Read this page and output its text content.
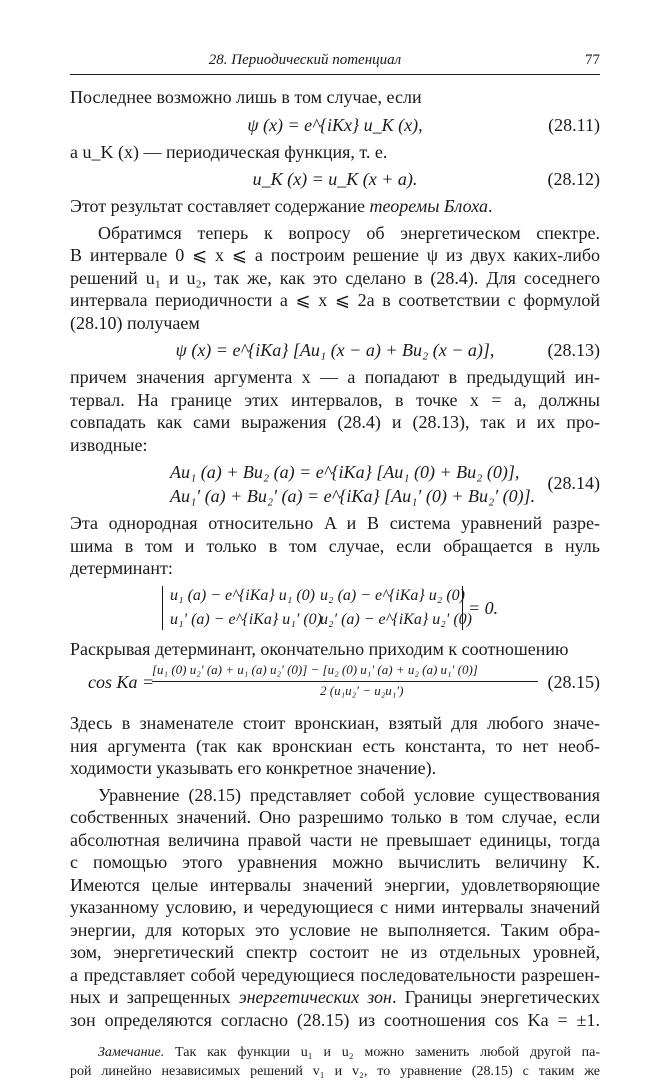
28. Периодический потенциал	77

Последнее возможно лишь в том случае, если

ψ (x) = e^{iKx} u_K (x),	(28.11)

а u_K (x) — периодическая функция, т. е.

u_K (x) = u_K (x + a).	(28.12)

Этот результат составляет содержание теоремы Блоха.

Обратимся теперь к вопросу об энергетическом спектре.

В интервале 0 ⩽ x ⩽ a построим решение ψ из двух каких-либо

решений u₁ и u₂, так же, как это сделано в (28.4). Для соседнего

интервала периодичности a ⩽ x ⩽ 2a в соответствии с формулой

(28.10) получаем

ψ (x) = e^{iKa} [Au₁ (x − a) + Bu₂ (x − a)],	(28.13)

причем значения аргумента x — a попадают в предыдущий ин-

тервал. На границе этих интервалов, в точке x = a, должны

совпадать как сами выражения (28.4) и (28.13), так и их про-

изводные:

Au₁ (a) + Bu₂ (a) = e^{iKa} [Au₁ (0) + Bu₂ (0)],
Au₁′ (a) + Bu₂′ (a) = e^{iKa} [Au₁′ (0) + Bu₂′ (0)].
(28.14)

Эта однородная относительно A и B система уравнений разре-

шима в том и только в том случае, если обращается в нуль

детерминант:

u₁ (a) − e^{iKa} u₁ (0) u₂ (a) − e^{iKa} u₂ (0)
u₁′ (a) − e^{iKa} u₁′ (0)
u₂′ (a) − e^{iKa} u₂′ (0)
= 0.

Раскрывая детерминант, окончательно приходим к соотношению

cos Ka =
[u₁ (0) u₂′ (a) + u₁ (a) u₂′ (0)] − [u₂ (0) u₁′ (a) + u₂ (a) u₁′ (0)]
2 (u₁u₂′ − u₂u₁′)	(28.15)

Здесь в знаменателе стоит вронскиан, взятый для любого значе-

ния аргумента (так как вронскиан есть константа, то нет необ-

ходимости указывать его конкретное значение).

Уравнение (28.15) представляет собой условие существования

собственных значений. Оно разрешимо только в том случае, если

абсолютная величина правой части не превышает единицы, тогда

с помощью этого уравнения можно вычислить величину K.

Имеются целые интервалы значений энергии, удовлетворяющие

указанному условию, и чередующиеся с ними интервалы значений

энергии, для которых это условие не выполняется. Таким обра-

зом, энергетический спектр состоит не из отдельных уровней,

а представляет собой чередующиеся последовательности разрешен-

ных и запрещенных энергетических зон. Границы энергетических

зон определяются согласно (28.15) из соотношения cos Ka = ±1.

Замечание. Так как функции u₁ и u₂ можно заменить любой другой па-

рой линейно независимых решений v₁ и v₂, то уравнение (28.15) с таким же
